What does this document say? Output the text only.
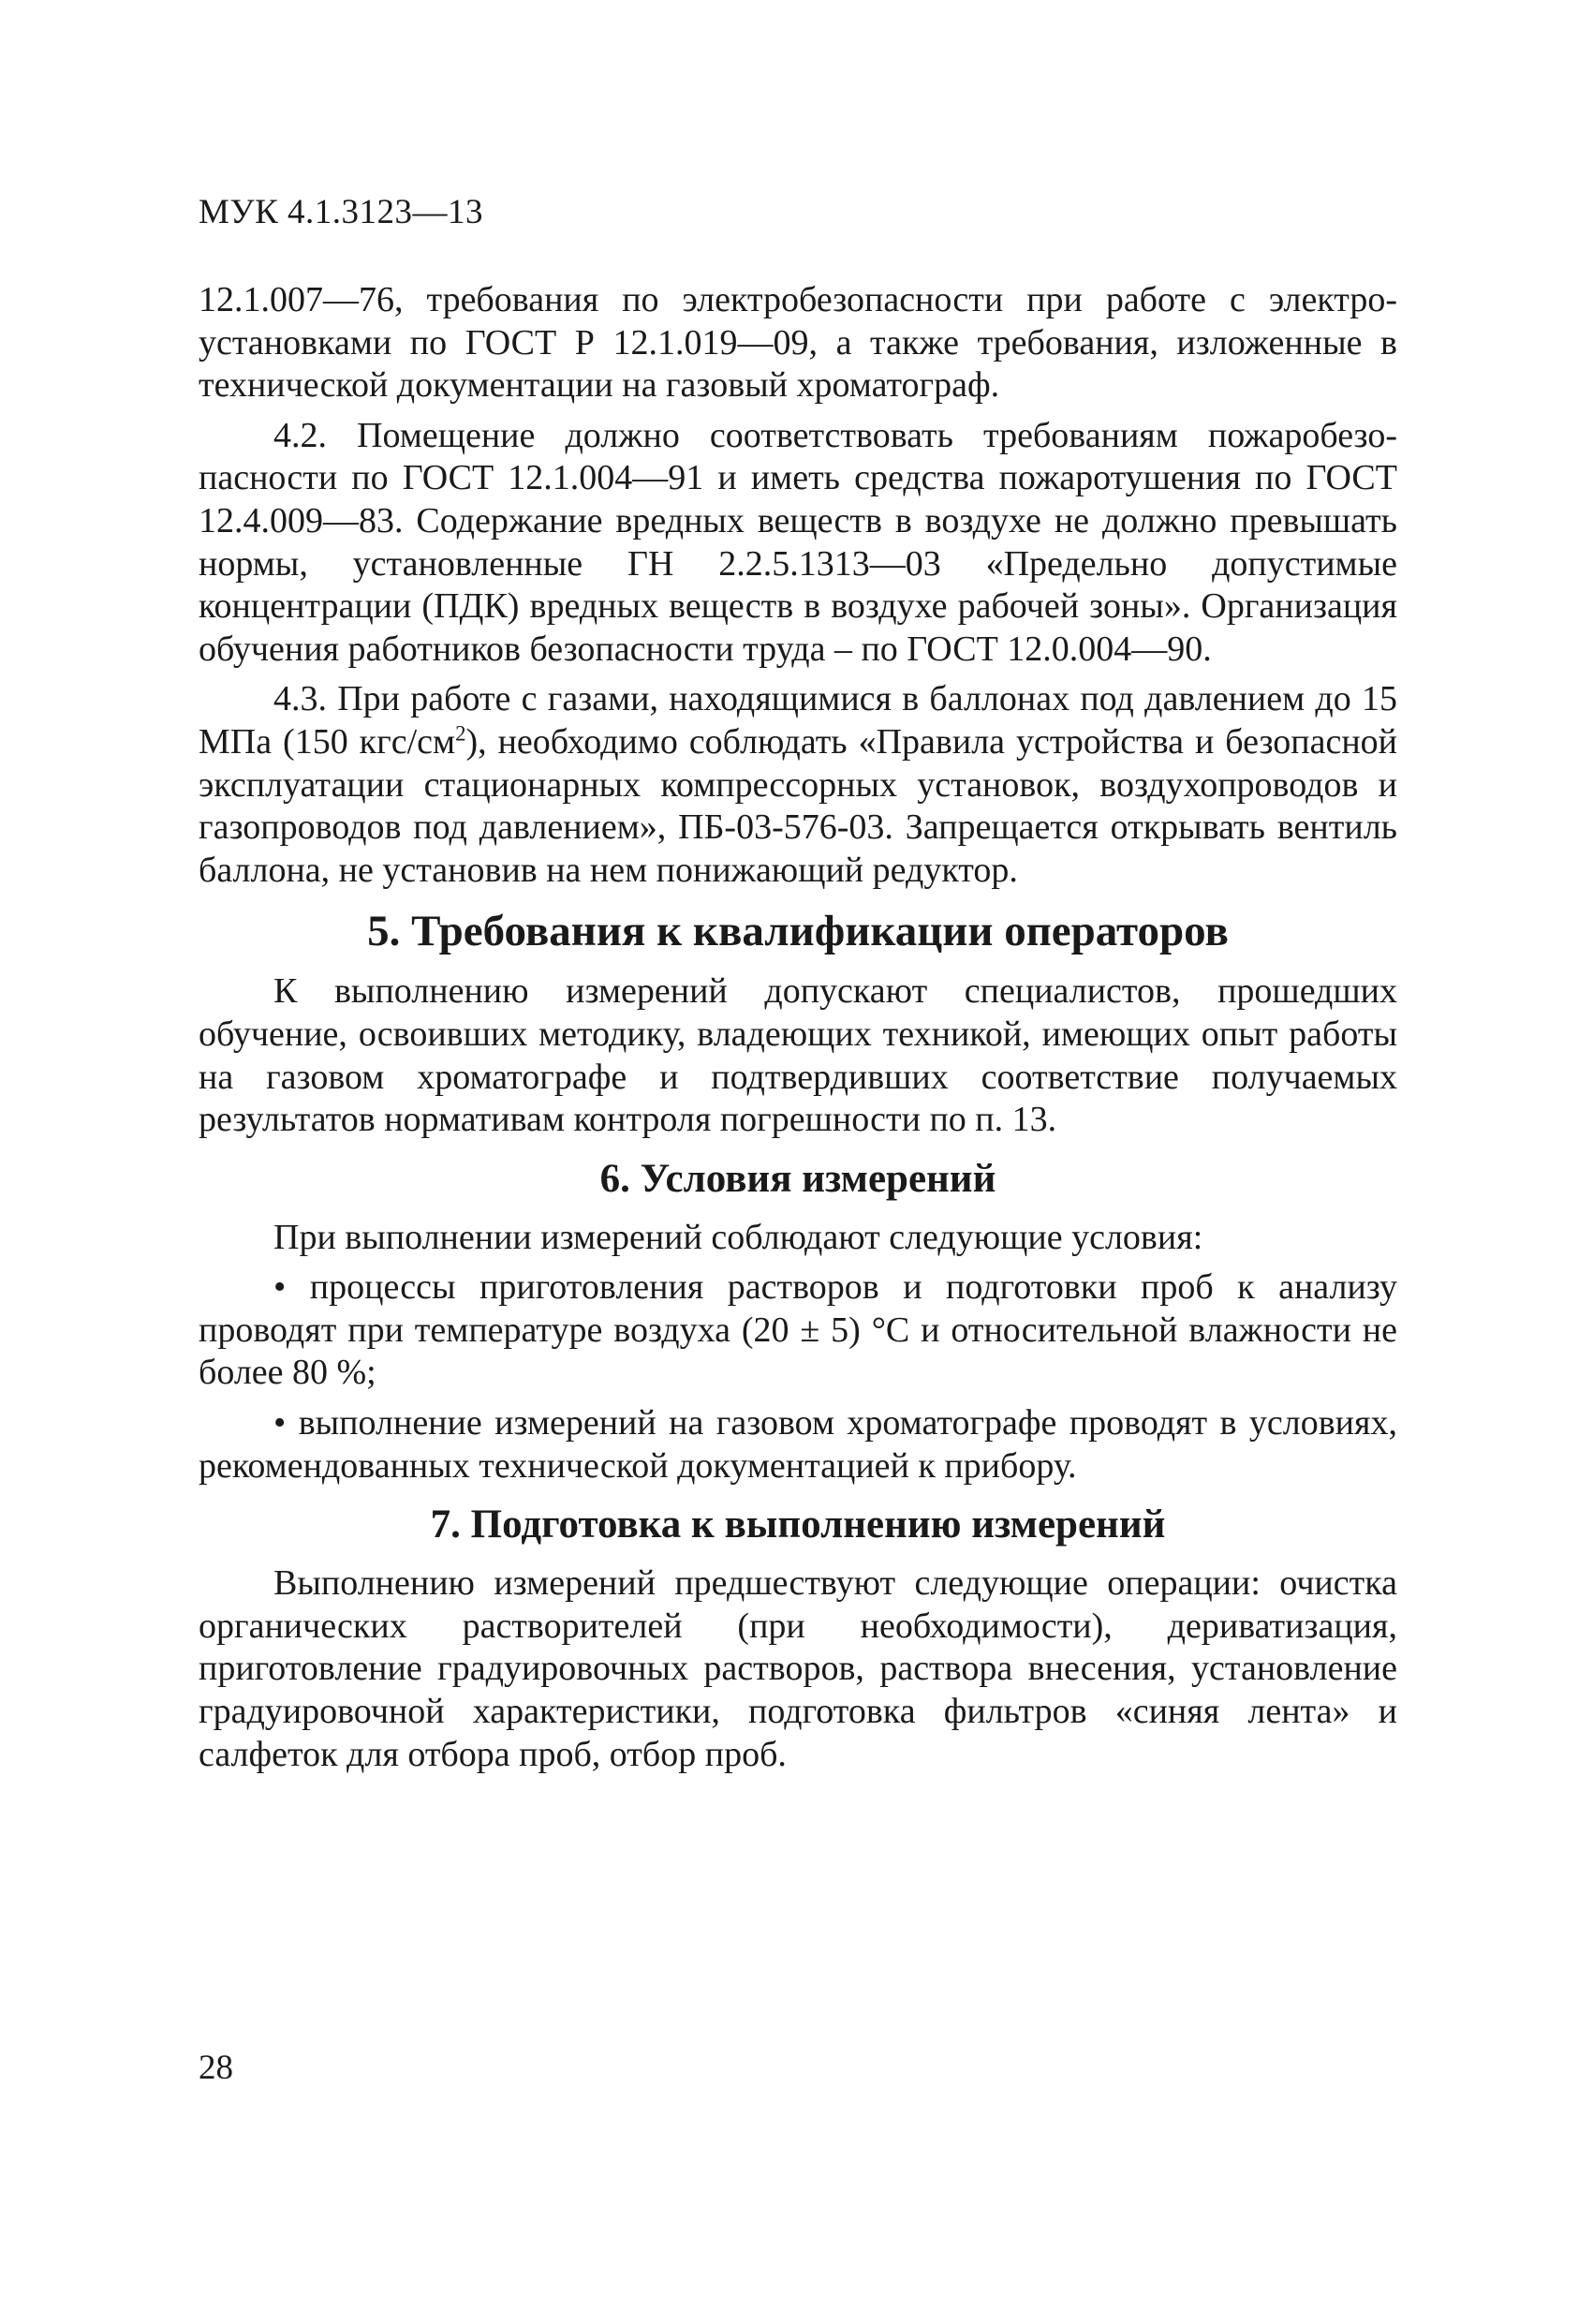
МУК 4.1.3123—13

12.1.007—76, требования по электробезопасности при работе с электроустановками по ГОСТ Р 12.1.019—09, а также требования, изложенные в технической документации на газовый хроматограф.

4.2. Помещение должно соответствовать требованиям пожаробезопасности по ГОСТ 12.1.004—91 и иметь средства пожаротушения по ГОСТ 12.4.009—83. Содержание вредных веществ в воздухе не должно превышать нормы, установленные ГН 2.2.5.1313—03 «Предельно допустимые концентрации (ПДК) вредных веществ в воздухе рабочей зоны». Организация обучения работников безопасности труда – по ГОСТ 12.0.004—90.

4.3. При работе с газами, находящимися в баллонах под давлением до 15 МПа (150 кгс/$см^2$), необходимо соблюдать «Правила устройства и безопасной эксплуатации стационарных компрессорных установок, воздухопроводов и газопроводов под давлением», ПБ-03-576-03. Запрещается открывать вентиль баллона, не установив на нем понижающий редуктор.

5. Требования к квалификации операторов

К выполнению измерений допускают специалистов, прошедших обучение, освоивших методику, владеющих техникой, имеющих опыт работы на газовом хроматографе и подтвердивших соответствие получаемых результатов нормативам контроля погрешности по п. 13.

6. Условия измерений

При выполнении измерений соблюдают следующие условия:

• процессы приготовления растворов и подготовки проб к анализу проводят при температуре воздуха (20 ± 5) °С и относительной влажности не более 80 %;

• выполнение измерений на газовом хроматографе проводят в условиях, рекомендованных технической документацией к прибору.

7. Подготовка к выполнению измерений

Выполнению измерений предшествуют следующие операции: очистка органических растворителей (при необходимости), дериватизация, приготовление градуировочных растворов, раствора внесения, установление градуировочной характеристики, подготовка фильтров «синяя лента» и салфеток для отбора проб, отбор проб.

28
